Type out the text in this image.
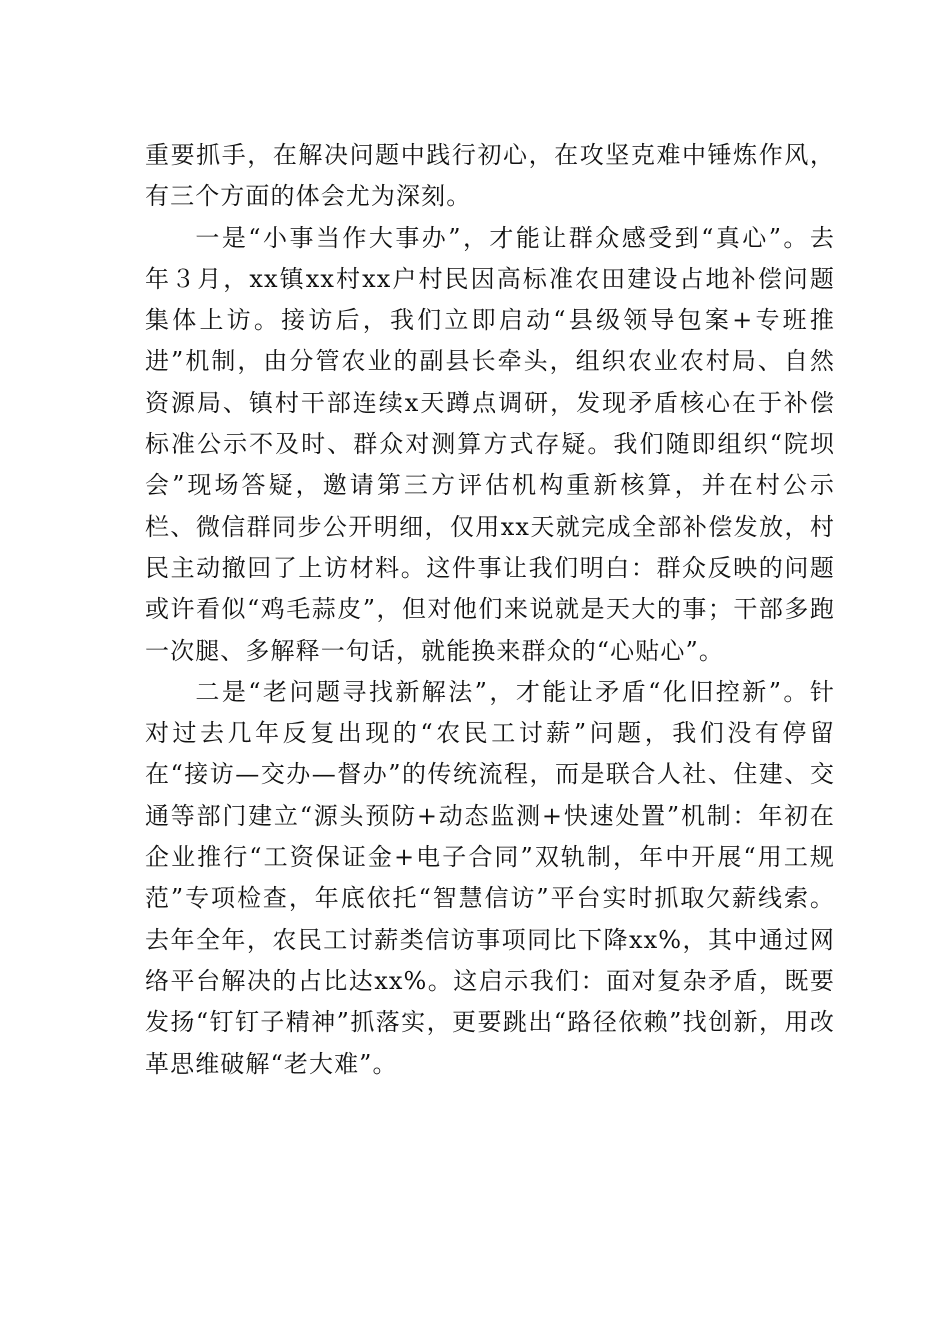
重要抓手，在解决问题中践行初心，在攻坚克难中锤炼作风，有三个方面的体会尤为深刻。

一是“小事当作大事办”，才能让群众感受到“真心”。去年３月，xx镇xx村xx户村民因高标准农田建设占地补偿问题集体上访。接访后，我们立即启动“县级领导包案+专班推进”机制，由分管农业的副县长牵头，组织农业农村局、自然资源局、镇村干部连续x天蹲点调研，发现矛盾核心在于补偿标准公示不及时、群众对测算方式存疑。我们随即组织“院坝会”现场答疑，邀请第三方评估机构重新核算，并在村公示栏、微信群同步公开明细，仅用xx天就完成全部补偿发放，村民主动撤回了上访材料。这件事让我们明白：群众反映的问题或许看似“鸡毛蒜皮”，但对他们来说就是天大的事；干部多跑一次腿、多解释一句话，就能换来群众的“心贴心”。

二是“老问题寻找新解法”，才能让矛盾“化旧控新”。针对过去几年反复出现的“农民工讨薪”问题，我们没有停留在“接访—交办—督办”的传统流程，而是联合人社、住建、交通等部门建立“源头预防+动态监测+快速处置”机制：年初在企业推行“工资保证金+电子合同”双轨制，年中开展“用工规范”专项检查，年底依托“智慧信访”平台实时抓取欠薪线索。去年全年，农民工讨薪类信访事项同比下降xx%，其中通过网络平台解决的占比达xx%。这启示我们：面对复杂矛盾，既要发扬“钉钉子精神”抓落实，更要跳出“路径依赖”找创新，用改革思维破解“老大难”。
